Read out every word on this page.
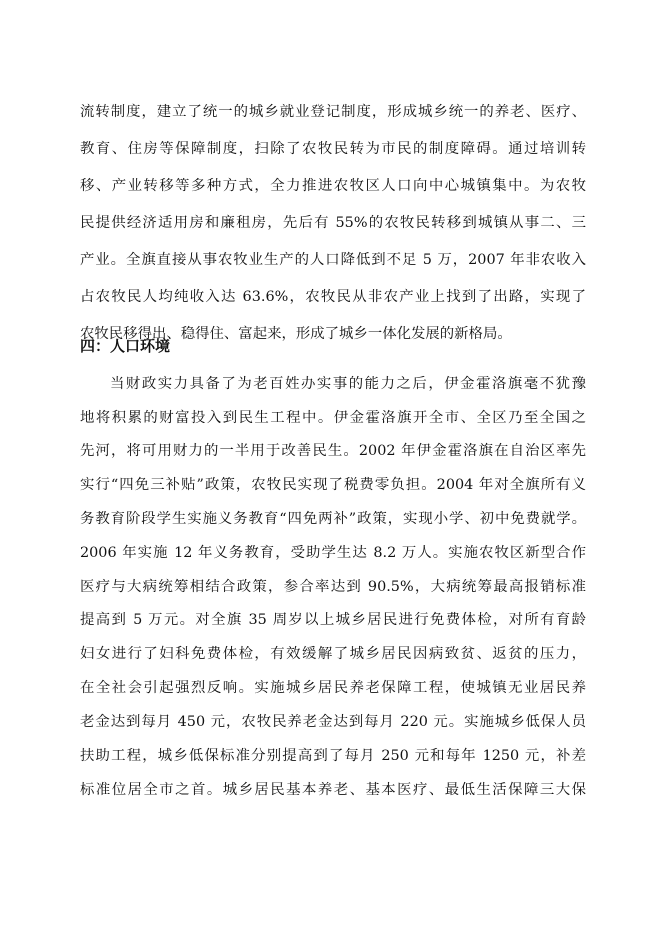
流转制度，建立了统一的城乡就业登记制度，形成城乡统一的养老、医疗、
教育、住房等保障制度，扫除了农牧民转为市民的制度障碍。通过培训转
移、产业转移等多种方式，全力推进农牧区人口向中心城镇集中。为农牧
民提供经济适用房和廉租房，先后有 55%的农牧民转移到城镇从事二、三
产业。全旗直接从事农牧业生产的人口降低到不足 5 万，2007 年非农收入
占农牧民人均纯收入达 63.6%，农牧民从非农产业上找到了出路，实现了
农牧民移得出、稳得住、富起来，形成了城乡一体化发展的新格局。
四：人口环境
当财政实力具备了为老百姓办实事的能力之后，伊金霍洛旗毫不犹豫
地将积累的财富投入到民生工程中。伊金霍洛旗开全市、全区乃至全国之
先河，将可用财力的一半用于改善民生。2002 年伊金霍洛旗在自治区率先
实行“四免三补贴”政策，农牧民实现了税费零负担。2004 年对全旗所有义
务教育阶段学生实施义务教育“四免两补”政策，实现小学、初中免费就学。
2006 年实施 12 年义务教育，受助学生达 8.2 万人。实施农牧区新型合作
医疗与大病统筹相结合政策，参合率达到 90.5%，大病统筹最高报销标准
提高到 5 万元。对全旗 35 周岁以上城乡居民进行免费体检，对所有育龄
妇女进行了妇科免费体检，有效缓解了城乡居民因病致贫、返贫的压力，
在全社会引起强烈反响。实施城乡居民养老保障工程，使城镇无业居民养
老金达到每月 450 元，农牧民养老金达到每月 220 元。实施城乡低保人员
扶助工程，城乡低保标准分别提高到了每月 250 元和每年 1250 元，补差
标准位居全市之首。城乡居民基本养老、基本医疗、最低生活保障三大保
